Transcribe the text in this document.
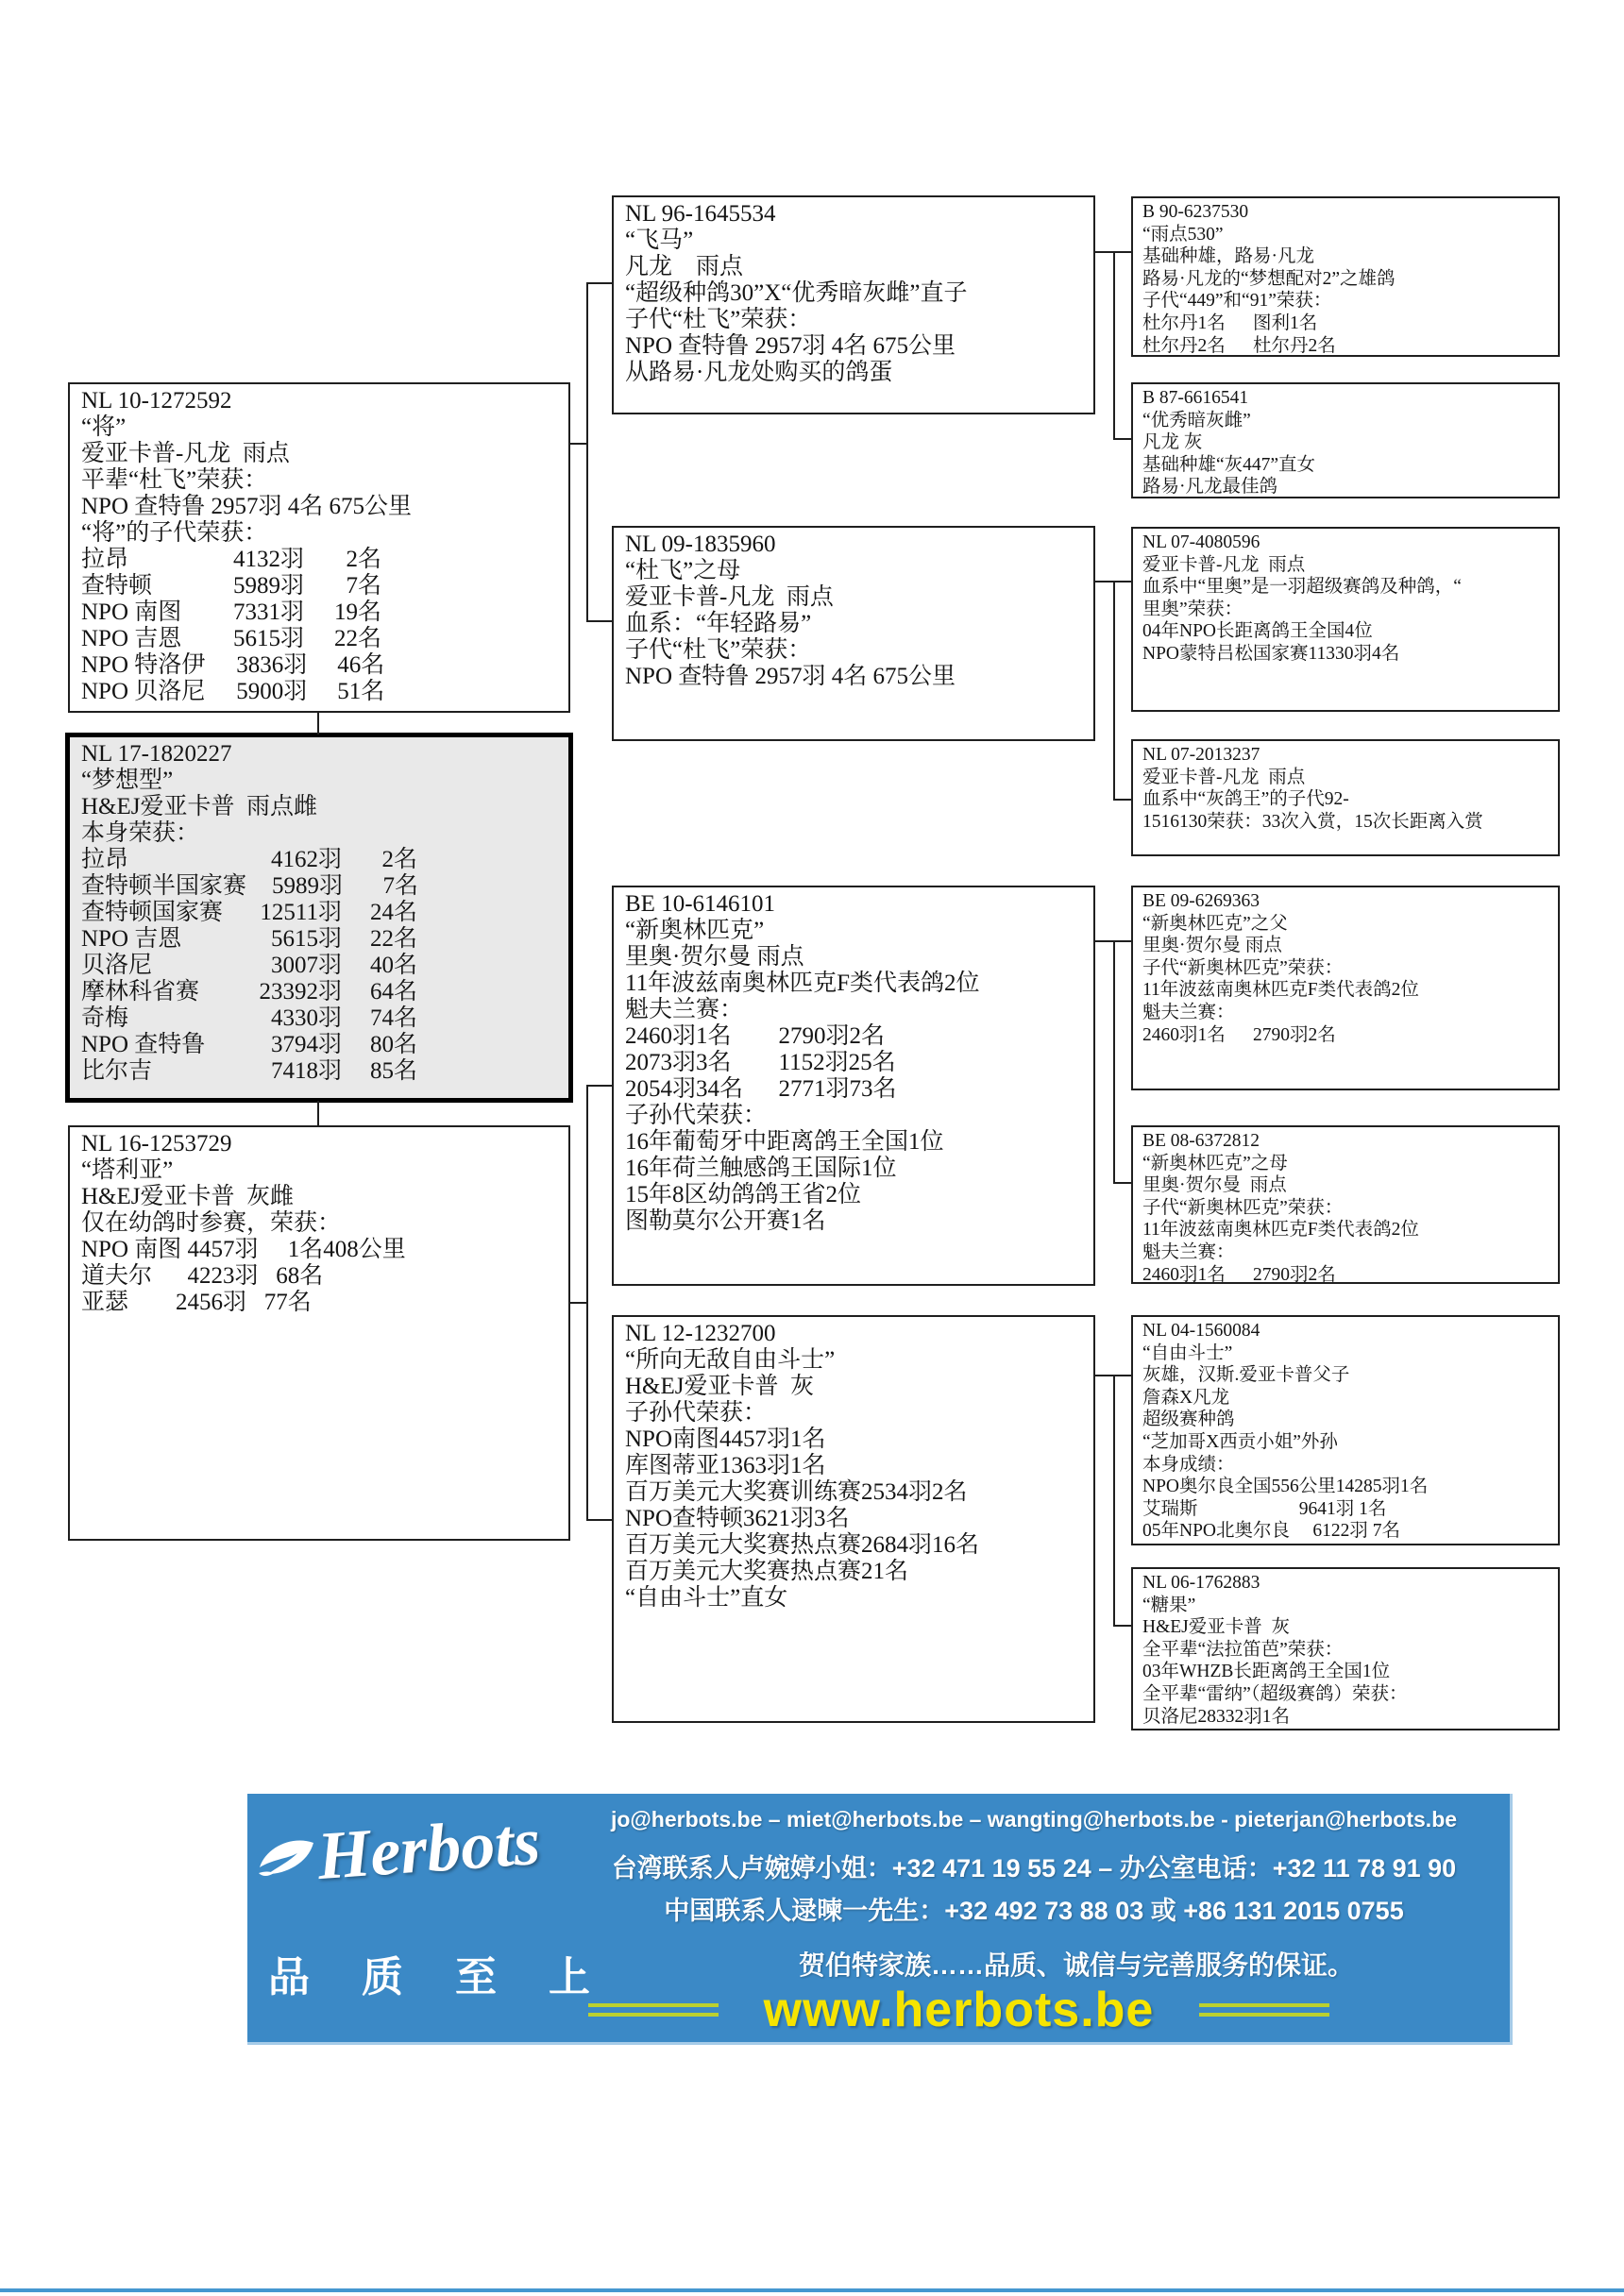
NL 10-1272592
“将”
爱亚卡普-凡龙  雨点
平辈“杜飞”荣获：
NPO 查特鲁 2957羽 4名 675公里
“将”的子代荣获：
拉昂	4132羽	2名
查特顿	5989羽	7名
NPO 南图	7331羽	19名
NPO 吉恩	5615羽	22名
NPO 特洛伊	3836羽	46名
NPO 贝洛尼	5900羽	51名
NL 17-1820227
“梦想型”
H&EJ爱亚卡普  雨点雌
本身荣获：
拉昂	4162羽	2名
查特顿半国家赛	5989羽	7名
查特顿国家赛	12511羽	24名
NPO 吉恩	5615羽	22名
贝洛尼	3007羽	40名
摩林科省赛	23392羽	64名
奇梅	4330羽	74名
NPO 查特鲁	3794羽	80名
比尔吉	7418羽	85名
NL 16-1253729
“塔利亚”
H&EJ爱亚卡普  灰雌
仅在幼鸽时参赛，荣获：
NPO 南图 4457羽     1名408公里
道夫尔      4223羽   68名
亚瑟        2456羽   77名
NL 96-1645534
“飞马”
凡龙    雨点
“超级种鸽30”X“优秀暗灰雌”直子
子代“杜飞”荣获：
NPO 查特鲁 2957羽 4名 675公里
从路易·凡龙处购买的鸽蛋
NL 09-1835960
“杜飞”之母
爱亚卡普-凡龙  雨点
血系：“年轻路易”
子代“杜飞”荣获：
NPO 查特鲁 2957羽 4名 675公里
BE 10-6146101
“新奥林匹克”
里奥·贺尔曼 雨点
11年波兹南奥林匹克F类代表鸽2位
魁夫兰赛：
2460羽1名        2790羽2名
2073羽3名        1152羽25名
2054羽34名      2771羽73名
子孙代荣获：
16年葡萄牙中距离鸽王全国1位
16年荷兰触感鸽王国际1位
15年8区幼鸽鸽王省2位
图勒莫尔公开赛1名
NL 12-1232700
“所向无敌自由斗士”
H&EJ爱亚卡普  灰
子孙代荣获：
NPO南图4457羽1名
库图蒂亚1363羽1名
百万美元大奖赛训练赛2534羽2名
NPO查特顿3621羽3名
百万美元大奖赛热点赛2684羽16名
百万美元大奖赛热点赛21名
“自由斗士”直女
B 90-6237530
“雨点530”
基础种雄，路易·凡龙
路易·凡龙的“梦想配对2”之雄鸽
子代“449”和“91”荣获：
杜尔丹1名      图利1名
杜尔丹2名      杜尔丹2名
B 87-6616541
“优秀暗灰雌”
凡龙 灰
基础种雄“灰447”直女
路易·凡龙最佳鸽
NL 07-4080596
爱亚卡普-凡龙  雨点
血系中“里奥”是一羽超级赛鸽及种鸽，“
里奥”荣获：
04年NPO长距离鸽王全国4位
NPO蒙特吕松国家赛11330羽4名
NL 07-2013237
爱亚卡普-凡龙  雨点
血系中“灰鸽王”的子代92-
1516130荣获：33次入赏，15次长距离入赏
BE 09-6269363
“新奥林匹克”之父
里奥·贺尔曼 雨点
子代“新奥林匹克”荣获：
11年波兹南奥林匹克F类代表鸽2位
魁夫兰赛：
2460羽1名      2790羽2名
BE 08-6372812
“新奥林匹克”之母
里奥·贺尔曼  雨点
子代“新奥林匹克”荣获：
11年波兹南奥林匹克F类代表鸽2位
魁夫兰赛：
2460羽1名      2790羽2名
NL 04-1560084
“自由斗士”
灰雄，汉斯.爱亚卡普父子
詹森X凡龙
超级赛种鸽
“芝加哥X西贡小姐”外孙
本身成绩：
NPO奥尔良全国556公里14285羽1名
艾瑞斯                      9641羽 1名
05年NPO北奥尔良     6122羽 7名
NL 06-1762883
“糖果”
H&EJ爱亚卡普  灰
全平辈“法拉笛芭”荣获：
03年WHZB长距离鸽王全国1位
全平辈“雷纳”（超级赛鸽）荣获：
贝洛尼28332羽1名
Herbots
品 质 至 上
jo@herbots.be – miet@herbots.be – wangting@herbots.be - pieterjan@herbots.be
台湾联系人卢婉婷小姐：+32 471 19 55 24 – 办公室电话：+32 11 78 91 90
中国联系人逯暕一先生：+32 492 73 88 03 或 +86 131 2015 0755
贺伯特家族……品质、诚信与完善服务的保证。
www.herbots.be
